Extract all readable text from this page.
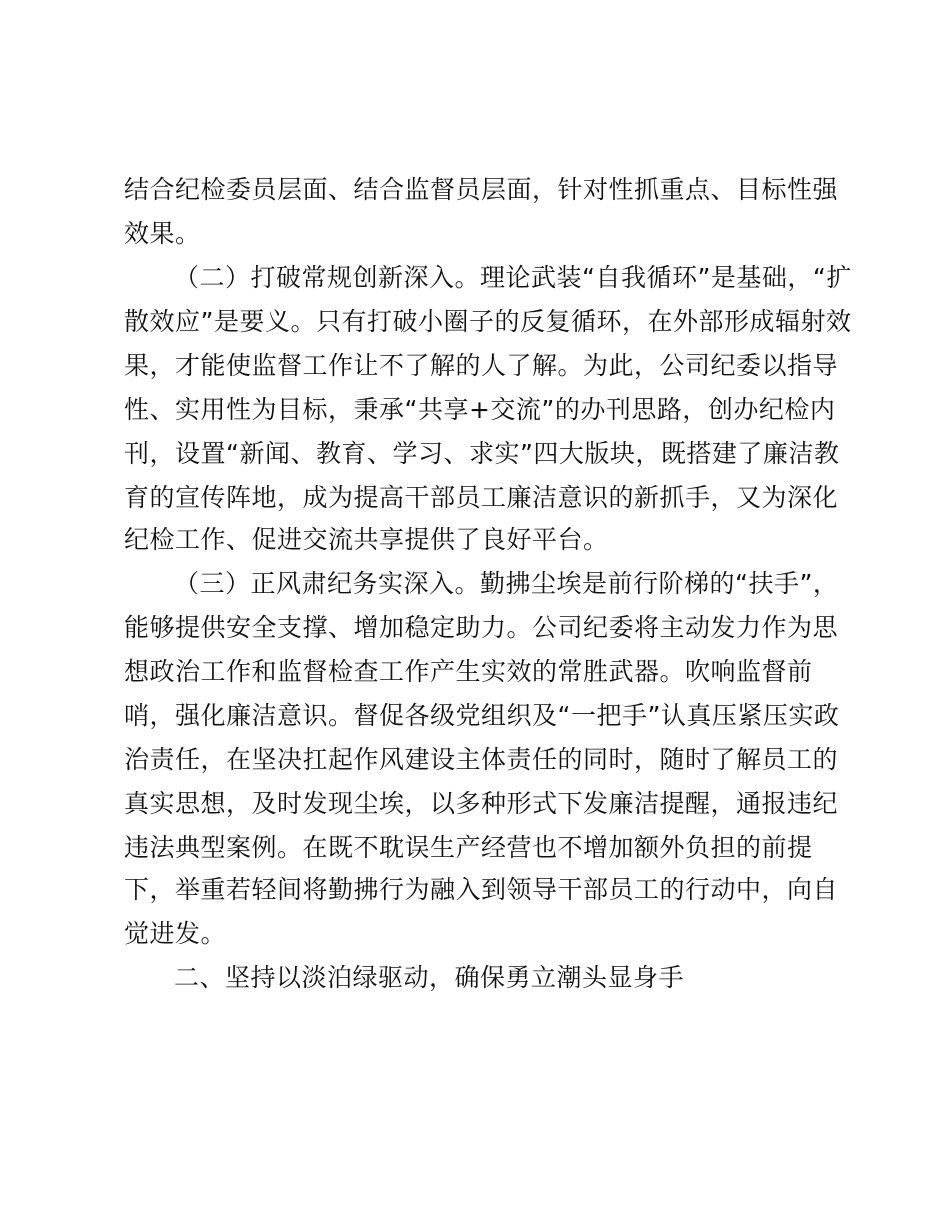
结合纪检委员层面、结合监督员层面，针对性抓重点、目标性强
效果。
（二）打破常规创新深入。理论武装“自我循环”是基础，“扩
散效应”是要义。只有打破小圈子的反复循环，在外部形成辐射效
果，才能使监督工作让不了解的人了解。为此，公司纪委以指导
性、实用性为目标，秉承“共享+交流”的办刊思路，创办纪检内
刊，设置“新闻、教育、学习、求实”四大版块，既搭建了廉洁教
育的宣传阵地，成为提高干部员工廉洁意识的新抓手，又为深化
纪检工作、促进交流共享提供了良好平台。
（三）正风肃纪务实深入。勤拂尘埃是前行阶梯的“扶手”，
能够提供安全支撑、增加稳定助力。公司纪委将主动发力作为思
想政治工作和监督检查工作产生实效的常胜武器。吹响监督前
哨，强化廉洁意识。督促各级党组织及“一把手”认真压紧压实政
治责任，在坚决扛起作风建设主体责任的同时，随时了解员工的
真实思想，及时发现尘埃，以多种形式下发廉洁提醒，通报违纪
违法典型案例。在既不耽误生产经营也不增加额外负担的前提
下，举重若轻间将勤拂行为融入到领导干部员工的行动中，向自
觉进发。
二、坚持以淡泊绿驱动，确保勇立潮头显身手
